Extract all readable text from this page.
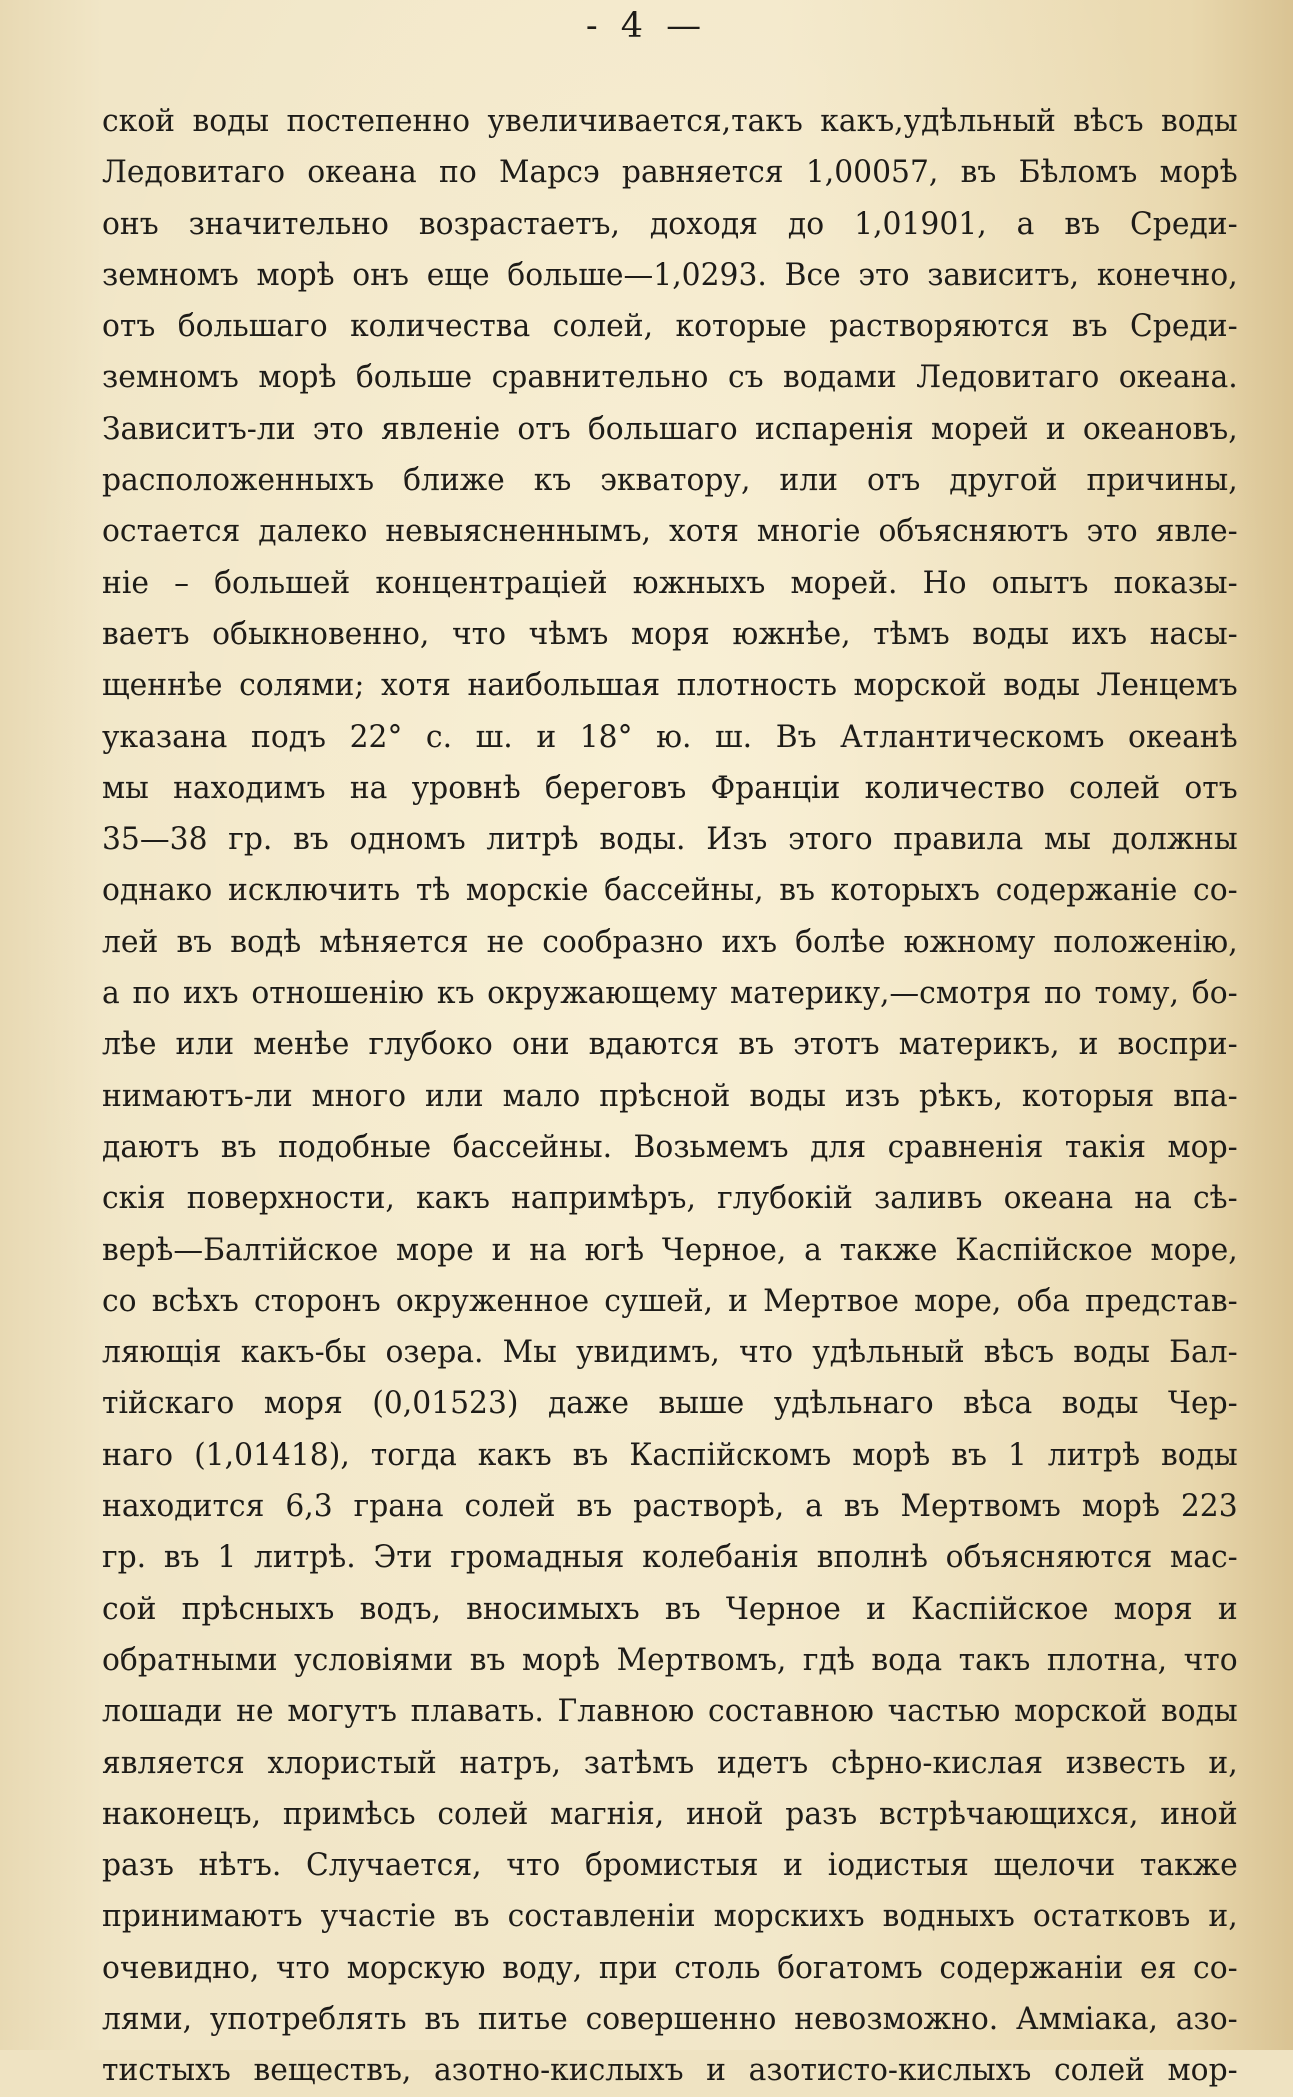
- 4 —
ской воды постепенно увеличивается,такъ какъ,удѣльный вѣсъ воды
Ледовитаго океана по Марсэ равняется 1,00057, въ Бѣломъ морѣ
онъ значительно возрастаетъ, доходя до 1,01901, а въ Среди-
земномъ морѣ онъ еще больше—1,0293. Все это зависитъ, конечно,
отъ большаго количества солей, которые растворяются въ Среди-
земномъ морѣ больше сравнительно съ водами Ледовитаго океана.
Зависитъ-ли это явленіе отъ большаго испаренія морей и океановъ,
расположенныхъ ближе къ экватору, или отъ другой причины,
остается далеко невыясненнымъ, хотя многіе объясняютъ это явле-
ніе – большей концентраціей южныхъ морей. Но опытъ показы-
ваетъ обыкновенно, что чѣмъ моря южнѣе, тѣмъ воды ихъ насы-
щеннѣе солями; хотя наибольшая плотность морской воды Ленцемъ
указана подъ 22° с. ш. и 18° ю. ш. Въ Атлантическомъ океанѣ
мы находимъ на уровнѣ береговъ Франціи количество солей отъ
35—38 гр. въ одномъ литрѣ воды. Изъ этого правила мы должны
однако исключить тѣ морскіе бассейны, въ которыхъ содержаніе со-
лей въ водѣ мѣняется не сообразно ихъ болѣе южному положенію,
а по ихъ отношенію къ окружающему материку,—смотря по тому, бо-
лѣе или менѣе глубоко они вдаются въ этотъ материкъ, и воспри-
нимаютъ-ли много или мало прѣсной воды изъ рѣкъ, которыя впа-
даютъ въ подобные бассейны. Возьмемъ для сравненія такія мор-
скія поверхности, какъ напримѣръ, глубокій заливъ океана на сѣ-
верѣ—Балтійское море и на югѣ Черное, а также Каспійское море,
со всѣхъ сторонъ окруженное сушей, и Мертвое море, оба представ-
ляющія какъ-бы озера. Мы увидимъ, что удѣльный вѣсъ воды Бал-
тійскаго моря (0,01523) даже выше удѣльнаго вѣса воды Чер-
наго (1,01418), тогда какъ въ Каспійскомъ морѣ въ 1 литрѣ воды
находится 6,3 грана солей въ растворѣ, а въ Мертвомъ морѣ 223
гр. въ 1 литрѣ. Эти громадныя колебанія вполнѣ объясняются мас-
сой прѣсныхъ водъ, вносимыхъ въ Черное и Каспійское моря и
обратными условіями въ морѣ Мертвомъ, гдѣ вода такъ плотна, что
лошади не могутъ плавать. Главною составною частью морской воды
является хлористый натръ, затѣмъ идетъ сѣрно-кислая известь и,
наконецъ, примѣсь солей магнія, иной разъ встрѣчающихся, иной
разъ нѣтъ. Случается, что бромистыя и іодистыя щелочи также
принимаютъ участіе въ составленіи морскихъ водныхъ остатковъ и,
очевидно, что морскую воду, при столь богатомъ содержаніи ея со-
лями, употреблять въ питье совершенно невозможно. Амміака, азо-
тистыхъ веществъ, азотно-кислыхъ и азотисто-кислыхъ солей мор-
